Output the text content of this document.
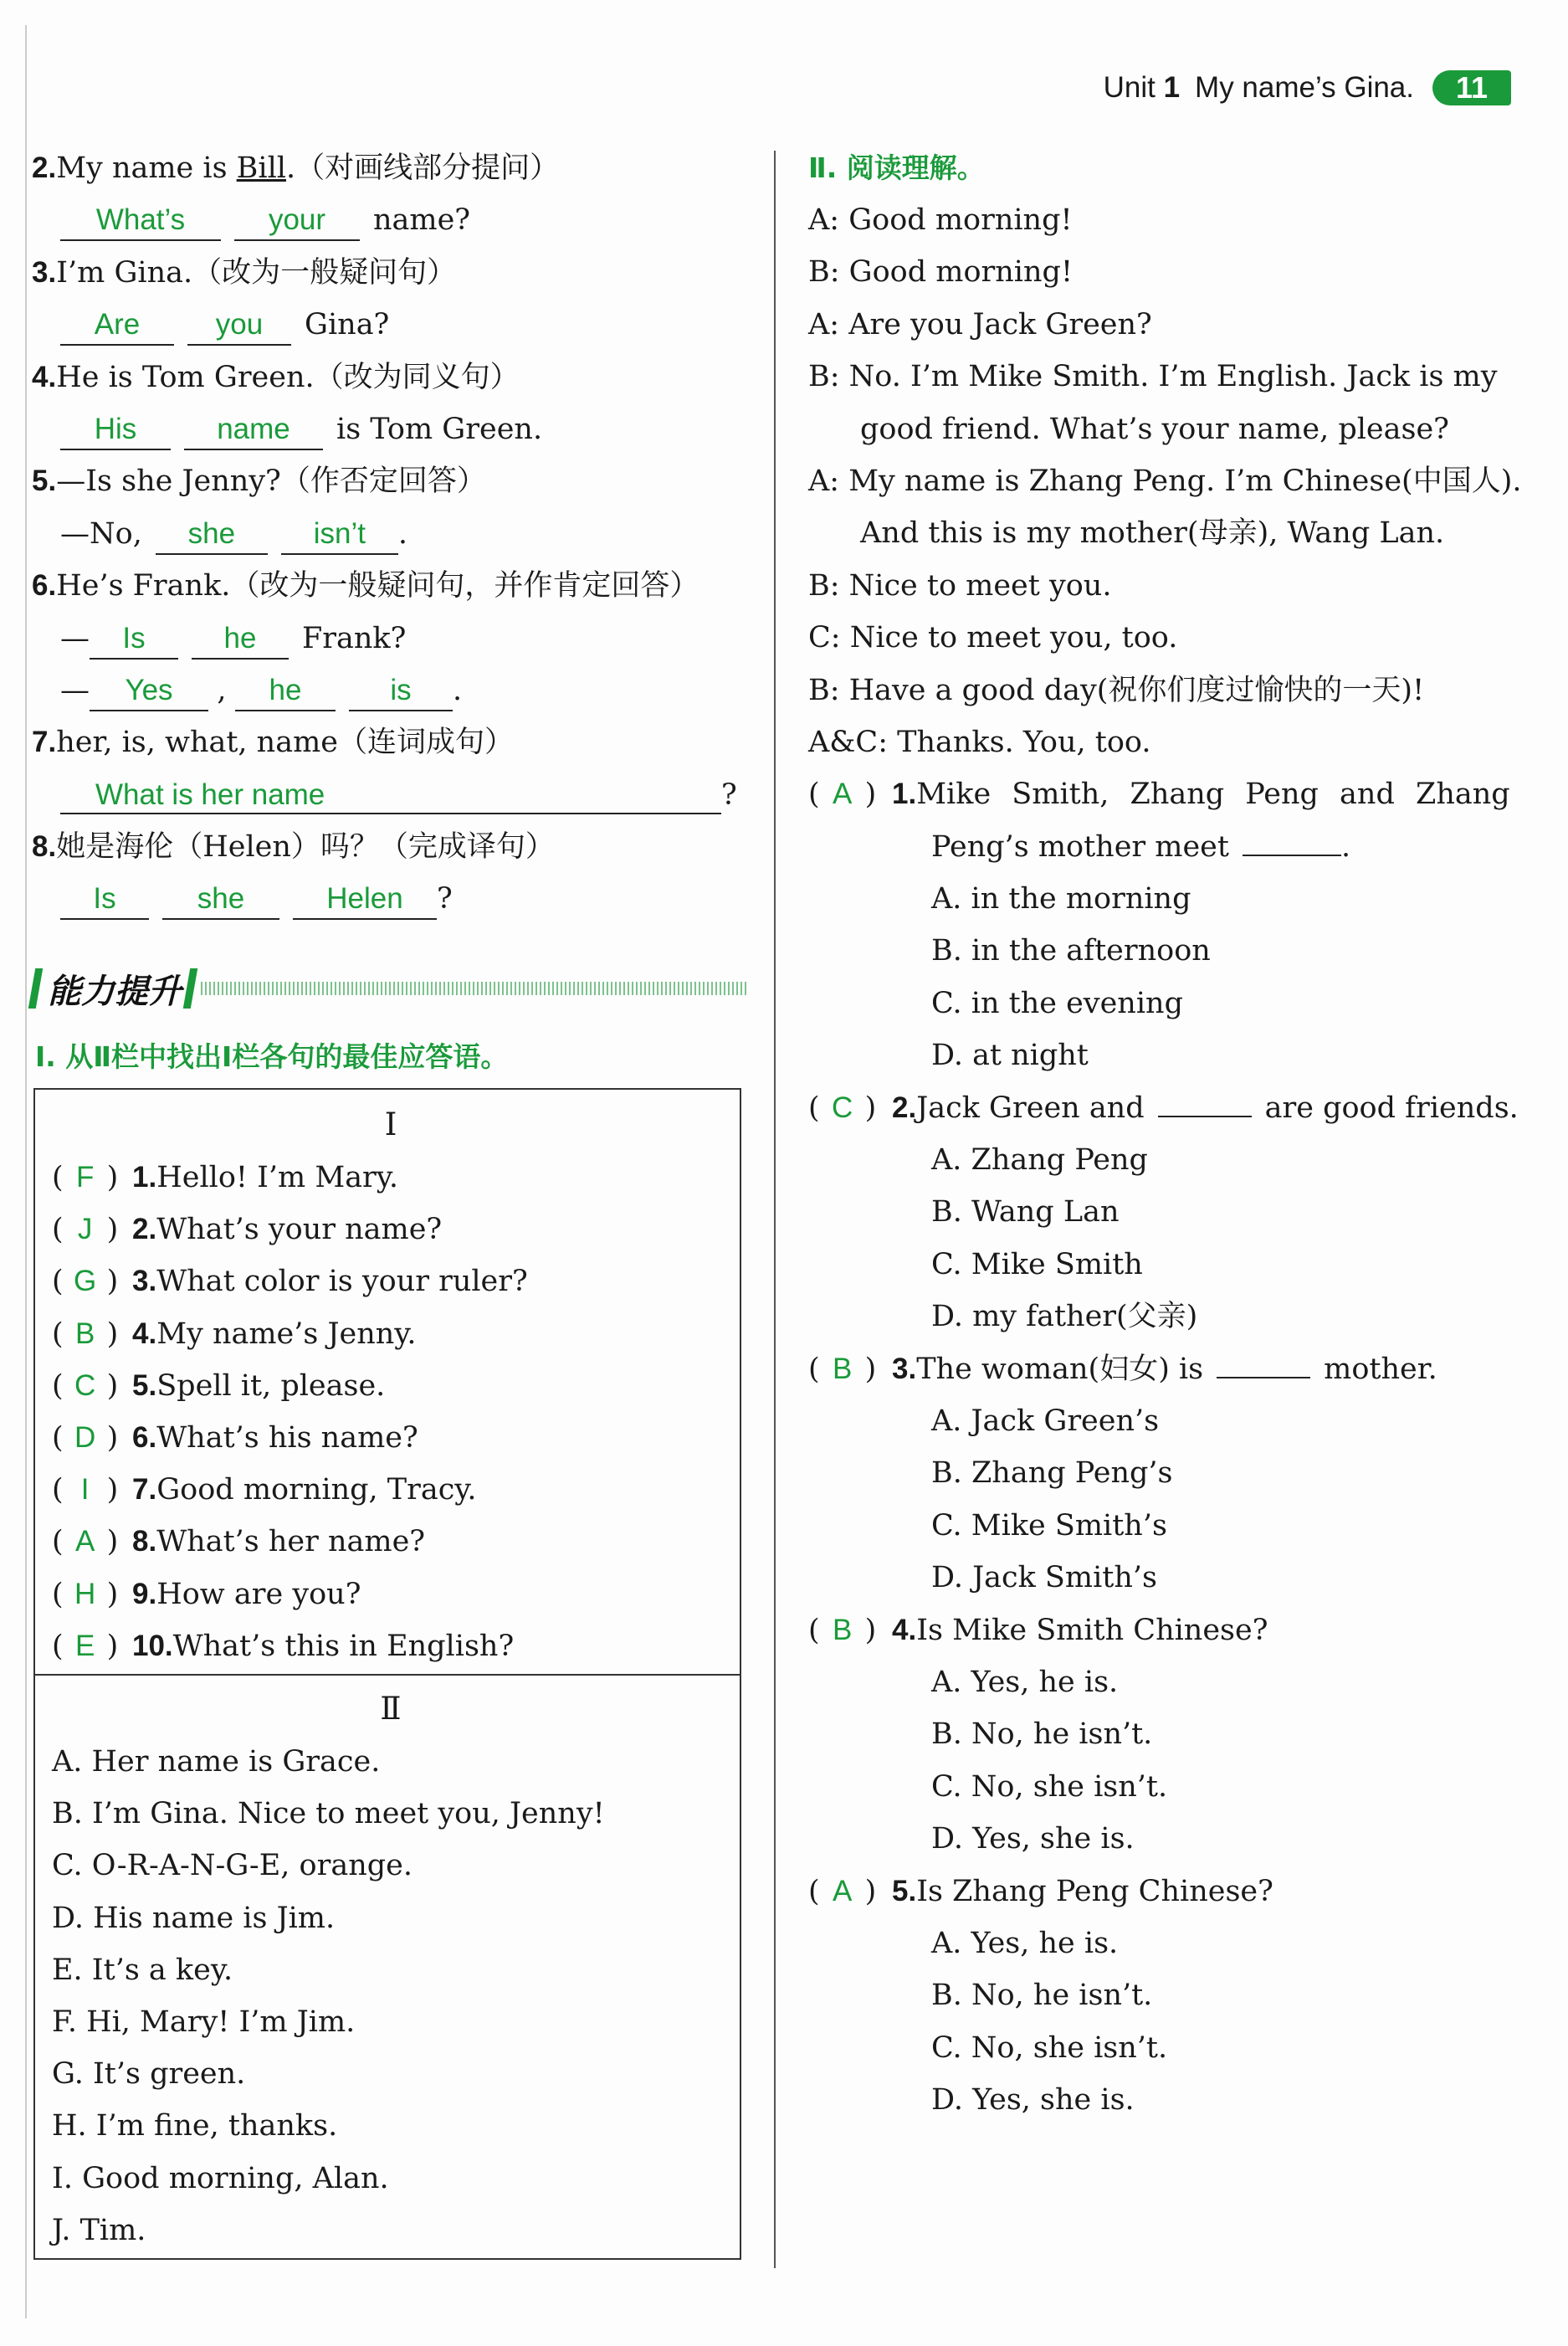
Unit 1 My name’s Gina.	11
2.My name is Bill.（对画线部分提问）
What’s	your name?
3.I’m Gina.（改为一般疑问句）
Are	you Gina?
4.He is Tom Green.（改为同义句）
His	name is Tom Green.
5.—Is she Jenny?（作否定回答）
—No, she	isn’t .
6.He’s Frank.（改为一般疑问句，并作肯定回答）
— Is	he Frank?
— Yes , he	is .
7.her, is, what, name（连词成句）
What is her name	?
8.她是海伦（Helen）吗？（完成译句）
Is	she	Helen ?
能力提升
Ⅰ. 从Ⅱ栏中找出Ⅰ栏各句的最佳应答语。
Ⅰ
( F ) 1.Hello! I’m Mary.
( J ) 2.What’s your name?
( G ) 3.What color is your ruler?
( B ) 4.My name’s Jenny.
( C ) 5.Spell it, please.
( D ) 6.What’s his name?
( I ) 7.Good morning, Tracy.
( A ) 8.What’s her name?
( H ) 9.How are you?
( E ) 10.What’s this in English?
Ⅱ
A. Her name is Grace.
B. I’m Gina. Nice to meet you, Jenny!
C. O-R-A-N-G-E, orange.
D. His name is Jim.
E. It’s a key.
F. Hi, Mary! I’m Jim.
G. It’s green.
H. I’m fine, thanks.
I. Good morning, Alan.
J. Tim.
Ⅱ. 阅读理解。
A: Good morning!
B: Good morning!
A: Are you Jack Green?
B: No. I’m Mike Smith. I’m English. Jack is my
good friend. What’s your name, please?
A: My name is Zhang Peng. I’m Chinese(中国人).
And this is my mother(母亲), Wang Lan.
B: Nice to meet you.
C: Nice to meet you, too.
B: Have a good day(祝你们度过愉快的一天)!
A&C: Thanks. You, too.
( A ) 1.Mike Smith, Zhang Peng and Zhang
Peng’s mother meet	.
A. in the morning
B. in the afternoon
C. in the evening
D. at night
( C ) 2.Jack Green and	are good friends.
A. Zhang Peng
B. Wang Lan
C. Mike Smith
D. my father(父亲)
( B ) 3.The woman(妇女) is	mother.
A. Jack Green’s
B. Zhang Peng’s
C. Mike Smith’s
D. Jack Smith’s
( B ) 4.Is Mike Smith Chinese?
A. Yes, he is.
B. No, he isn’t.
C. No, she isn’t.
D. Yes, she is.
( A ) 5.Is Zhang Peng Chinese?
A. Yes, he is.
B. No, he isn’t.
C. No, she isn’t.
D. Yes, she is.
